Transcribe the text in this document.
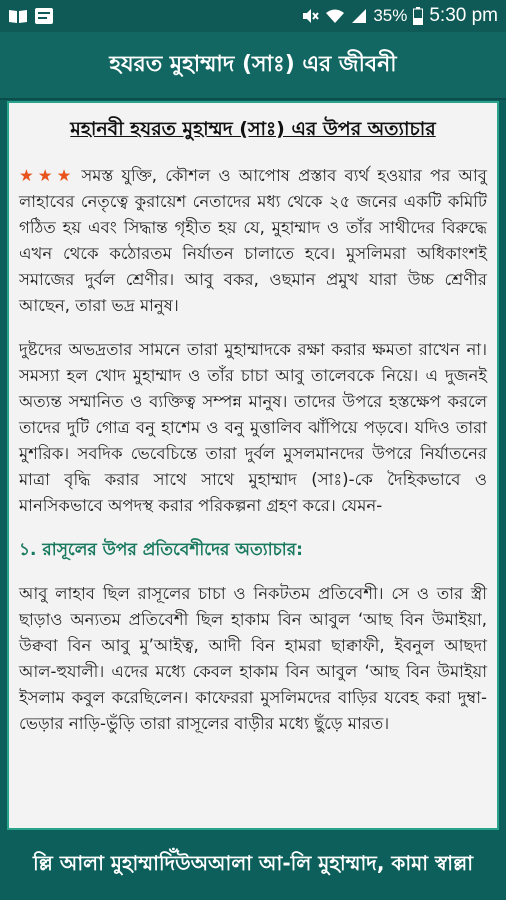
35% 5:30 pm
হযরত মুহাম্মাদ (সাঃ) এর জীবনী
মহানবী হযরত মুহাম্মদ (সাঃ) এর উপর অত্যাচার

★★★ সমস্ত যুক্তি, কৌশল ও আপোষ প্রস্তাব ব্যর্থ হওয়ার পর আবু লাহাবের নেতৃত্বে কুরায়েশ নেতাদের মধ্য থেকে ২৫ জনের একটি কমিটি গঠিত হয় এবং সিদ্ধান্ত গৃহীত হয় যে, মুহাম্মাদ ও তাঁর সাথীদের বিরুদ্ধে এখন থেকে কঠোরতম নির্যাতন চালাতে হবে। মুসলিমরা অধিকাংশই সমাজের দুর্বল শ্রেণীর। আবু বকর, ওছমান প্রমুখ যারা উচ্চ শ্রেণীর আছেন, তারা ভদ্র মানুষ।

দুষ্টদের অভদ্রতার সামনে তারা মুহাম্মাদকে রক্ষা করার ক্ষমতা রাখেন না। সমস্যা হল খোদ মুহাম্মাদ ও তাঁর চাচা আবু তালেবকে নিয়ে। এ দুজনই অত্যন্ত সম্মানিত ও ব্যক্তিত্ব সম্পন্ন মানুষ। তাদের উপরে হস্তক্ষেপ করলে তাদের দুটি গোত্র বনু হাশেম ও বনু মুত্তালিব ঝাঁপিয়ে পড়বে। যদিও তারা মুশরিক। সবদিক ভেবেচিন্তে তারা দুর্বল মুসলমানদের উপরে নির্যাতনের মাত্রা বৃদ্ধি করার সাথে সাথে মুহাম্মাদ (সাঃ)-কে দৈহিকভাবে ও মানসিকভাবে অপদস্থ করার পরিকল্পনা গ্রহণ করে। যেমন-

১. রাসূলের উপর প্রতিবেশীদের অত্যাচার:

আবু লাহাব ছিল রাসূলের চাচা ও নিকটতম প্রতিবেশী। সে ও তার স্ত্রী ছাড়াও অন্যতম প্রতিবেশী ছিল হাকাম বিন আবুল ‘আছ বিন উমাইয়া, উক্ববা বিন আবু মু’আইত্ব, আদী বিন হামরা ছাক্বাফী, ইবনুল আছদা আল-হুযালী। এদের মধ্যে কেবল হাকাম বিন আবুল ‘আছ বিন উমাইয়া ইসলাম কবুল করেছিলেন। কাফেররা মুসলিমদের বাড়ির যবেহ করা দুম্বা-ভেড়ার নাড়ি-ভুঁড়ি তারা রাসূলের বাড়ীর মধ্যে ছুঁড়ে মারত।

ল্লি আলা মুহাম্মাদিঁউঅআলা আ-লি মুহাম্মাদ, কামা স্বাল্লা
